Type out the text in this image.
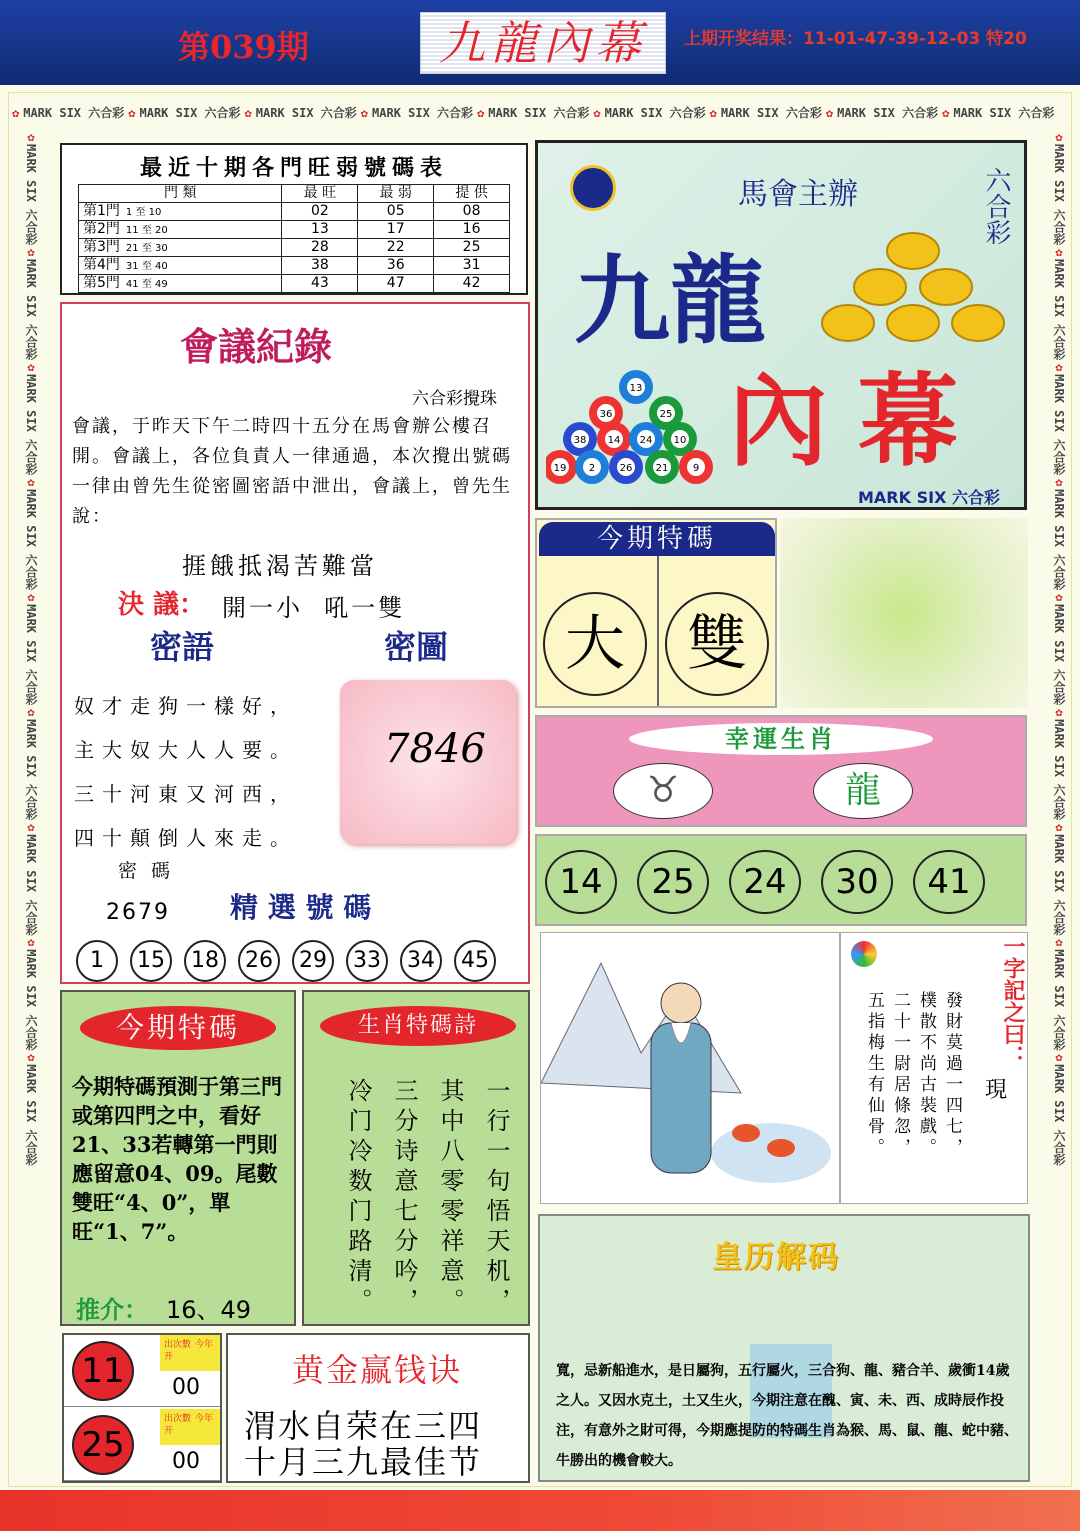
第039期	九龍內幕	上期开奖结果：11-01-47-39-12-03 特20
✿ MARK SIX 六合彩 ✿ MARK SIX 六合彩 ✿ MARK SIX 六合彩 ✿ MARK SIX 六合彩 ✿ MARK SIX 六合彩 ✿ MARK SIX 六合彩 ✿ MARK SIX 六合彩 ✿ MARK SIX 六合彩 ✿ MARK SIX 六合彩
✿MARK SIX 六合彩✿MARK SIX 六合彩✿MARK SIX 六合彩✿MARK SIX 六合彩✿MARK SIX 六合彩✿MARK SIX 六合彩✿MARK SIX 六合彩✿MARK SIX 六合彩✿MARK SIX 六合彩
✿MARK SIX 六合彩✿MARK SIX 六合彩✿MARK SIX 六合彩✿MARK SIX 六合彩✿MARK SIX 六合彩✿MARK SIX 六合彩✿MARK SIX 六合彩✿MARK SIX 六合彩✿MARK SIX 六合彩
最近十期各門旺弱號碼表
門 類	最 旺	最 弱	提 供
第1門 1 至 10	02	05	08
第2門 11 至 20	13	17	16
第3門 21 至 30	28	22	25
第4門 31 至 40	38	36	31
第5門 41 至 49	43	47	42
馬會主辦	六合彩
九龍
內 幕
13
36	25
38 14 24 10
19 2 26 21 9
MARK SIX 六合彩
會議紀錄
六合彩攪珠
會議，于昨天下午二時四十五分在馬會辦公樓召開。會議上，各位負責人一律通過，本次攪出號碼一律由曾先生從密圖密語中泄出，會議上，曾先生說：
捱餓抵渴苦難當
決 議： 開一小  吼一雙
密語	密圖
奴才走狗一樣好，
主大奴大人人要。
三十河東又河西，
四十顛倒人來走。
7846
密 碼
2679 精 選 號 碼
1	15	18	26	29	33	34	45
今期特碼
大	雙
幸運生肖
♉	龍
14	25	24	30	41
一字記之曰：
現
發財莫過一四七，
樸散不尚古裝戲。
二十一尉居條忽，
五指梅生有仙骨。
今期特碼
今期特碼預測于第三門或第四門之中，看好21、33若轉第一門則應留意04、09。尾數雙旺“4、0”，單旺“1、7”。
推介： 16、49
生肖特碼詩
一行一句悟天机，
其中八零零祥意。
三分诗意七分吟，
冷门冷数门路清。	皇历解码
寬，忌新船進水，是日屬狗，五行屬火，三合狗、龍、豬合羊、歲衝14歲之人。又因水克土，土又生火，今期注意在醜、寅、未、西、成時辰作投注，有意外之財可得，今期應提防的特碼生肖為猴、馬、鼠、龍、蛇中豬、牛勝出的機會較大。
11
出次數 今年开
00
25
出次數 今年开
00
黄金赢钱诀
渭水自荣在三四
十月三九最佳节
